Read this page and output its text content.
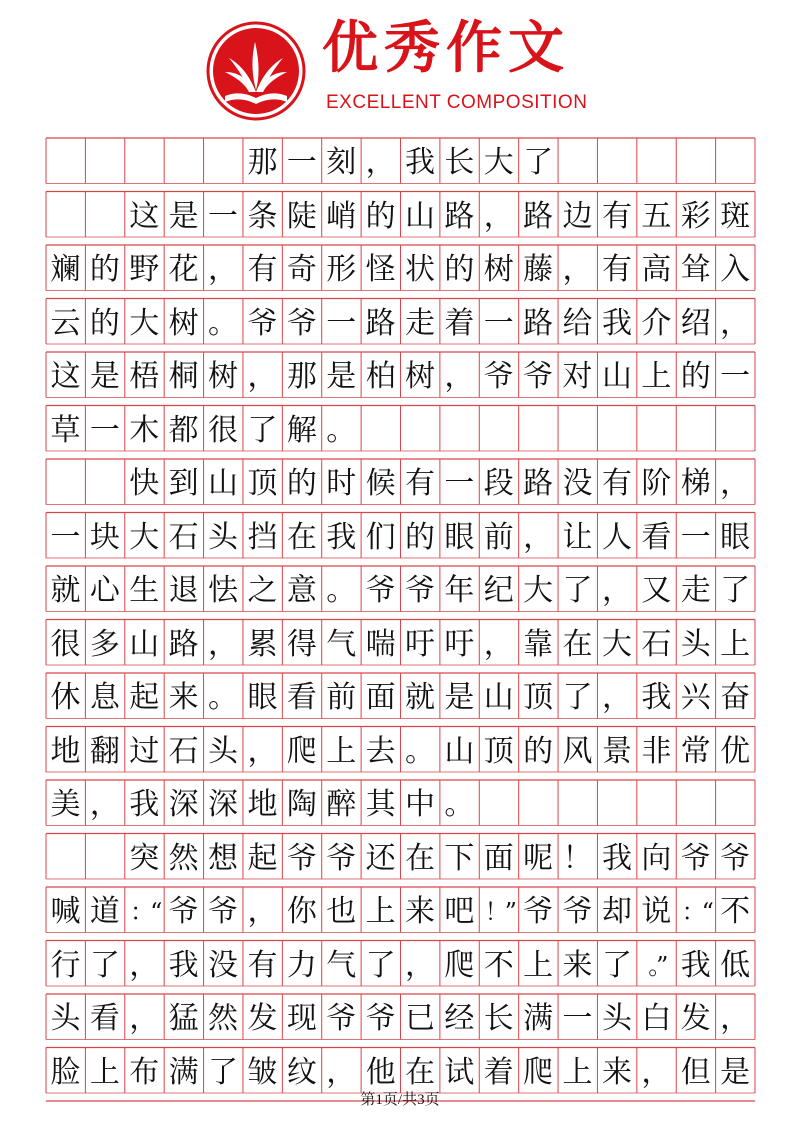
优秀作文
EXCELLENT COMPOSITION
那 一 刻 ， 我 长 大 了
这 是 一 条 陡 峭 的 山 路 ， 路 边 有 五 彩 斑
斓 的 野 花 ， 有 奇 形 怪 状 的 树 藤 ， 有 高 耸 入
云 的 大 树 。 爷 爷 一 路 走 着 一 路 给 我 介 绍 ，
这 是 梧 桐 树 ， 那 是 柏 树 ， 爷 爷 对 山 上 的 一
草 一 木 都 很 了 解 。
快 到 山 顶 的 时 候 有 一 段 路 没 有 阶 梯 ，
一 块 大 石 头 挡 在 我 们 的 眼 前 ， 让 人 看 一 眼
就 心 生 退 怯 之 意 。 爷 爷 年 纪 大 了 ， 又 走 了
很 多 山 路 ， 累 得 气 喘 吁 吁 ， 靠 在 大 石 头 上
休 息 起 来 。 眼 看 前 面 就 是 山 顶 了 ， 我 兴 奋
地 翻 过 石 头 ， 爬 上 去 。 山 顶 的 风 景 非 常 优
美 ， 我 深 深 地 陶 醉 其 中 。
突 然 想 起 爷 爷 还 在 下 面 呢 ！ 我 向 爷 爷
喊 道 ：“ 爷 爷 ， 你 也 上 来 吧 ！” 爷 爷 却 说 ：“ 不
行 了 ， 我 没 有 力 气 了 ， 爬 不 上 来 了 。” 我 低
头 看 ， 猛 然 发 现 爷 爷 已 经 长 满 一 头 白 发 ，
脸 上 布 满 了 皱 纹 ， 他 在 试 着 爬 上 来 ， 但 是
第1页/共3页
